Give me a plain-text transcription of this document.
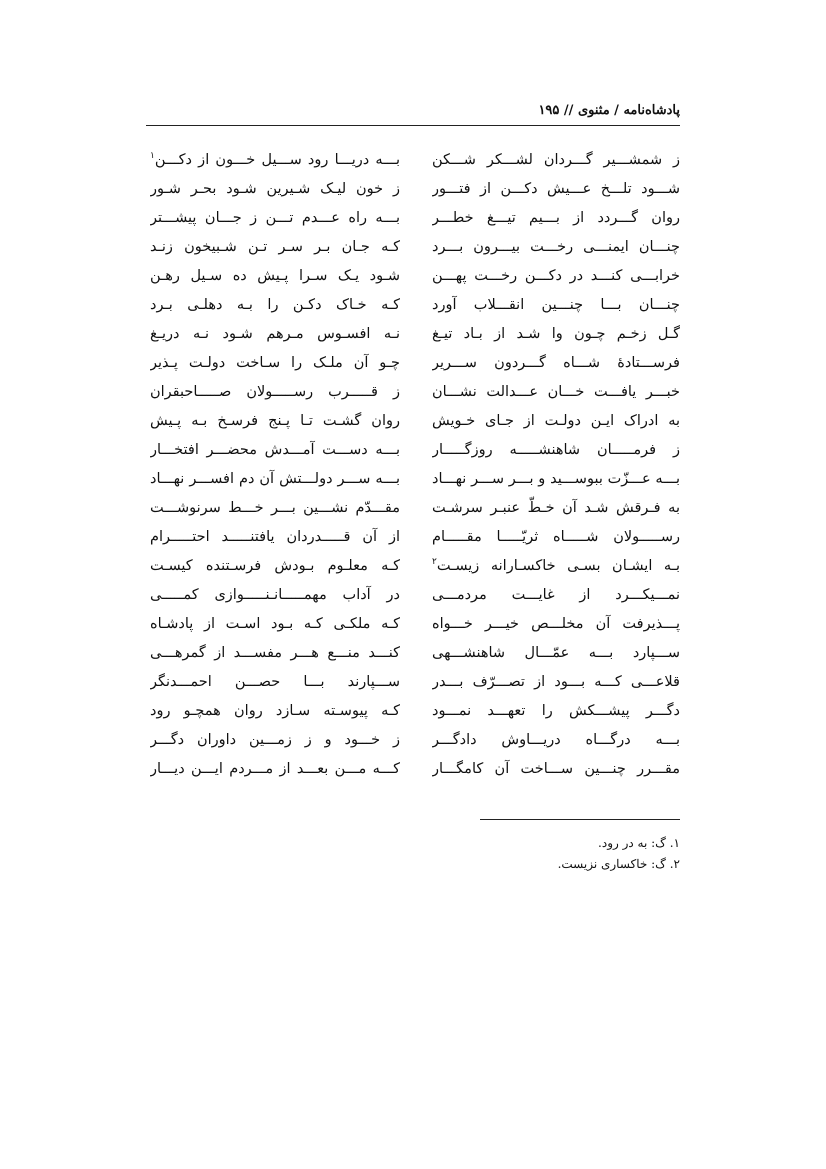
پادشاه‌نامه / مثنوی // ۱۹۵
ز شمشـــیر گـــردان لشـــکر شـــکن
شـــود تلـــخ عـــیش دکـــن از فتـــور
روان گـــردد از بـــیم تیـــغ خطـــر
چنـــان ایمنـــی رخـــت بیـــرون بـــرد
خرابـــی کنـــد در دکـــن رخـــت پهـــن
چنـــان بـــا چنـــین انقـــلاب آورد
گـل زخـم چـون وا شـد از بـاد تیـغ
فرســـتادهٔ شـــاه گـــردون ســـریر
خبـــر یافـــت خـــان عـــدالت نشـــان
به ادراک ایـن دولـت از جـای خـویش
ز فرمـــــان شاهنشـــــه روزگـــــار
بـــه عـــزّت ببوســـید و بـــر ســـر نهـــاد
به فـرقش شـد آن خـطّ عنبـر سرشـت
رســـــولان شـــــاه ثریّـــــا مقـــــام
بـه ایشـان بسـی خاکسـارانه زیسـت$^۲$
نمـــیکـــرد از غایـــت مردمـــی
پـــذیرفت آن مخلـــص خیـــر خـــواه
ســـپارد بـــه عمّـــال شاهنشـــهی
قلاعـــی کـــه بـــود از تصـــرّف بـــدر
دگـــر پیشـــکش را تعهـــد نمـــود
بـــه درگـــاه دریـــاوش دادگـــر
مقـــرر چنـــین ســـاخت آن کامگـــار
بـــه دریـــا رود ســـیل خـــون از دکـــن$^۱$
ز خون لیـک شـیرین شـود بحـر شـور
بـــه راه عـــدم تـــن ز جـــان پیشـــتر
کـه جـان بـر سـر تـن شـبیخون زنـد
شـود یـک سـرا پـیش ده سـیل رهـن
کـه خـاک دکـن را بـه دهلـی بـرد
نـه افسـوس مـرهم شـود نـه دریـغ
چـو آن ملـک را سـاخت دولـت پـذیر
ز قـــــرب رســـــولان صـــــاحبقران
روان گشـت تـا پـنج فرسـخ بـه پـیش
بـــه دســـت آمـــدش محضـــر افتخـــار
بـــه ســـر دولـــتش آن دم افســـر نهـــاد
مقـــدّم نشـــین بـــر خـــط سرنوشـــت
از آن قـــــدردان یافتنـــــد احتـــــرام
کـه معلـوم بـودش فرسـتنده کیسـت
در آداب مهمـــــانـنـــــوازی کمـــــی
کـه ملکـی کـه بـود اسـت از پادشـاه
کنـــد منـــع هـــر مفســـد از گمرهـــی
ســـپارند بـــا حصـــن احمـــدنگر
کـه پیوسـته سـازد روان همچـو رود
ز خـــود و ز زمـــین داوران دگـــر
کـــه مـــن بعـــد از مـــردم ایـــن دیـــار
۱. گ: به در رود.
۲. گ: خاکساری نزیست.
